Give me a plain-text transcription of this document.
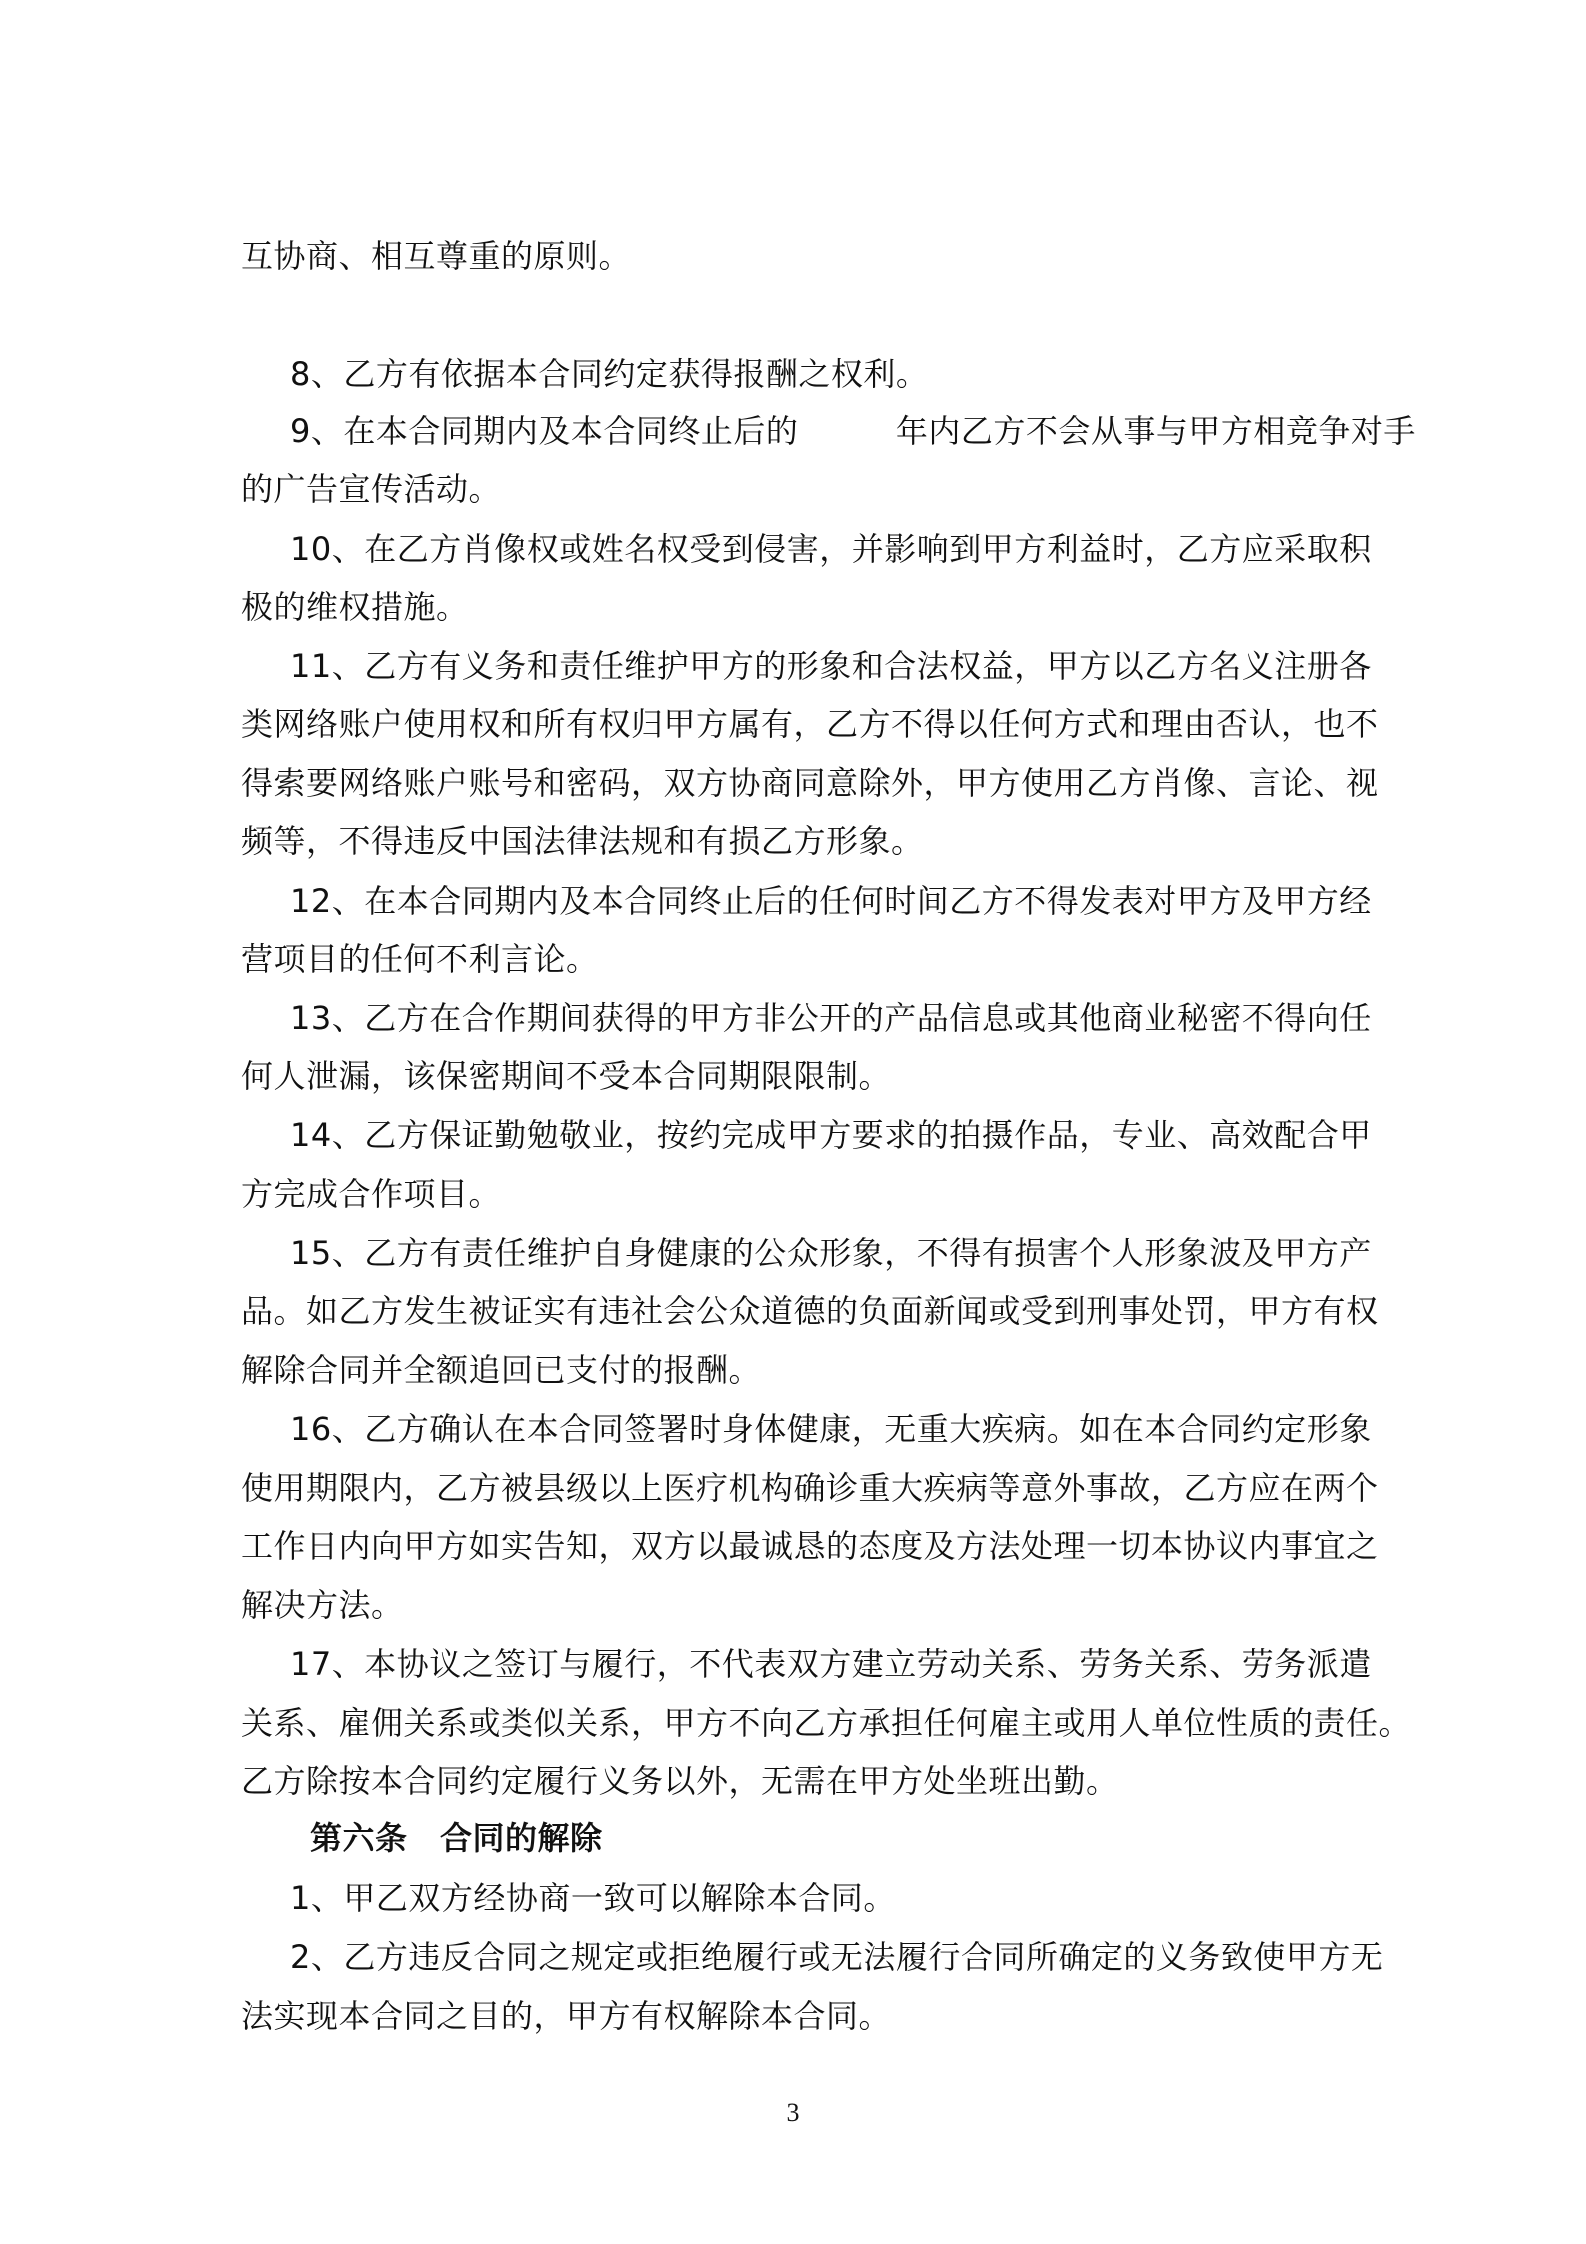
互协商、相互尊重的原则。
8、乙方有依据本合同约定获得报酬之权利。
9、在本合同期内及本合同终止后的　　　年内乙方不会从事与甲方相竞争对手
的广告宣传活动。
10、在乙方肖像权或姓名权受到侵害，并影响到甲方利益时，乙方应采取积
极的维权措施。
11、乙方有义务和责任维护甲方的形象和合法权益，甲方以乙方名义注册各
类网络账户使用权和所有权归甲方属有，乙方不得以任何方式和理由否认，也不
得索要网络账户账号和密码，双方协商同意除外，甲方使用乙方肖像、言论、视
频等，不得违反中国法律法规和有损乙方形象。
12、在本合同期内及本合同终止后的任何时间乙方不得发表对甲方及甲方经
营项目的任何不利言论。
13、乙方在合作期间获得的甲方非公开的产品信息或其他商业秘密不得向任
何人泄漏，该保密期间不受本合同期限限制。
14、乙方保证勤勉敬业，按约完成甲方要求的拍摄作品，专业、高效配合甲
方完成合作项目。
15、乙方有责任维护自身健康的公众形象，不得有损害个人形象波及甲方产
品。如乙方发生被证实有违社会公众道德的负面新闻或受到刑事处罚，甲方有权
解除合同并全额追回已支付的报酬。
16、乙方确认在本合同签署时身体健康，无重大疾病。如在本合同约定形象
使用期限内，乙方被县级以上医疗机构确诊重大疾病等意外事故，乙方应在两个
工作日内向甲方如实告知，双方以最诚恳的态度及方法处理一切本协议内事宜之
解决方法。
17、本协议之签订与履行，不代表双方建立劳动关系、劳务关系、劳务派遣
关系、雇佣关系或类似关系，甲方不向乙方承担任何雇主或用人单位性质的责任。
乙方除按本合同约定履行义务以外，无需在甲方处坐班出勤。
第六条　合同的解除
1、甲乙双方经协商一致可以解除本合同。
2、乙方违反合同之规定或拒绝履行或无法履行合同所确定的义务致使甲方无
法实现本合同之目的，甲方有权解除本合同。
3
